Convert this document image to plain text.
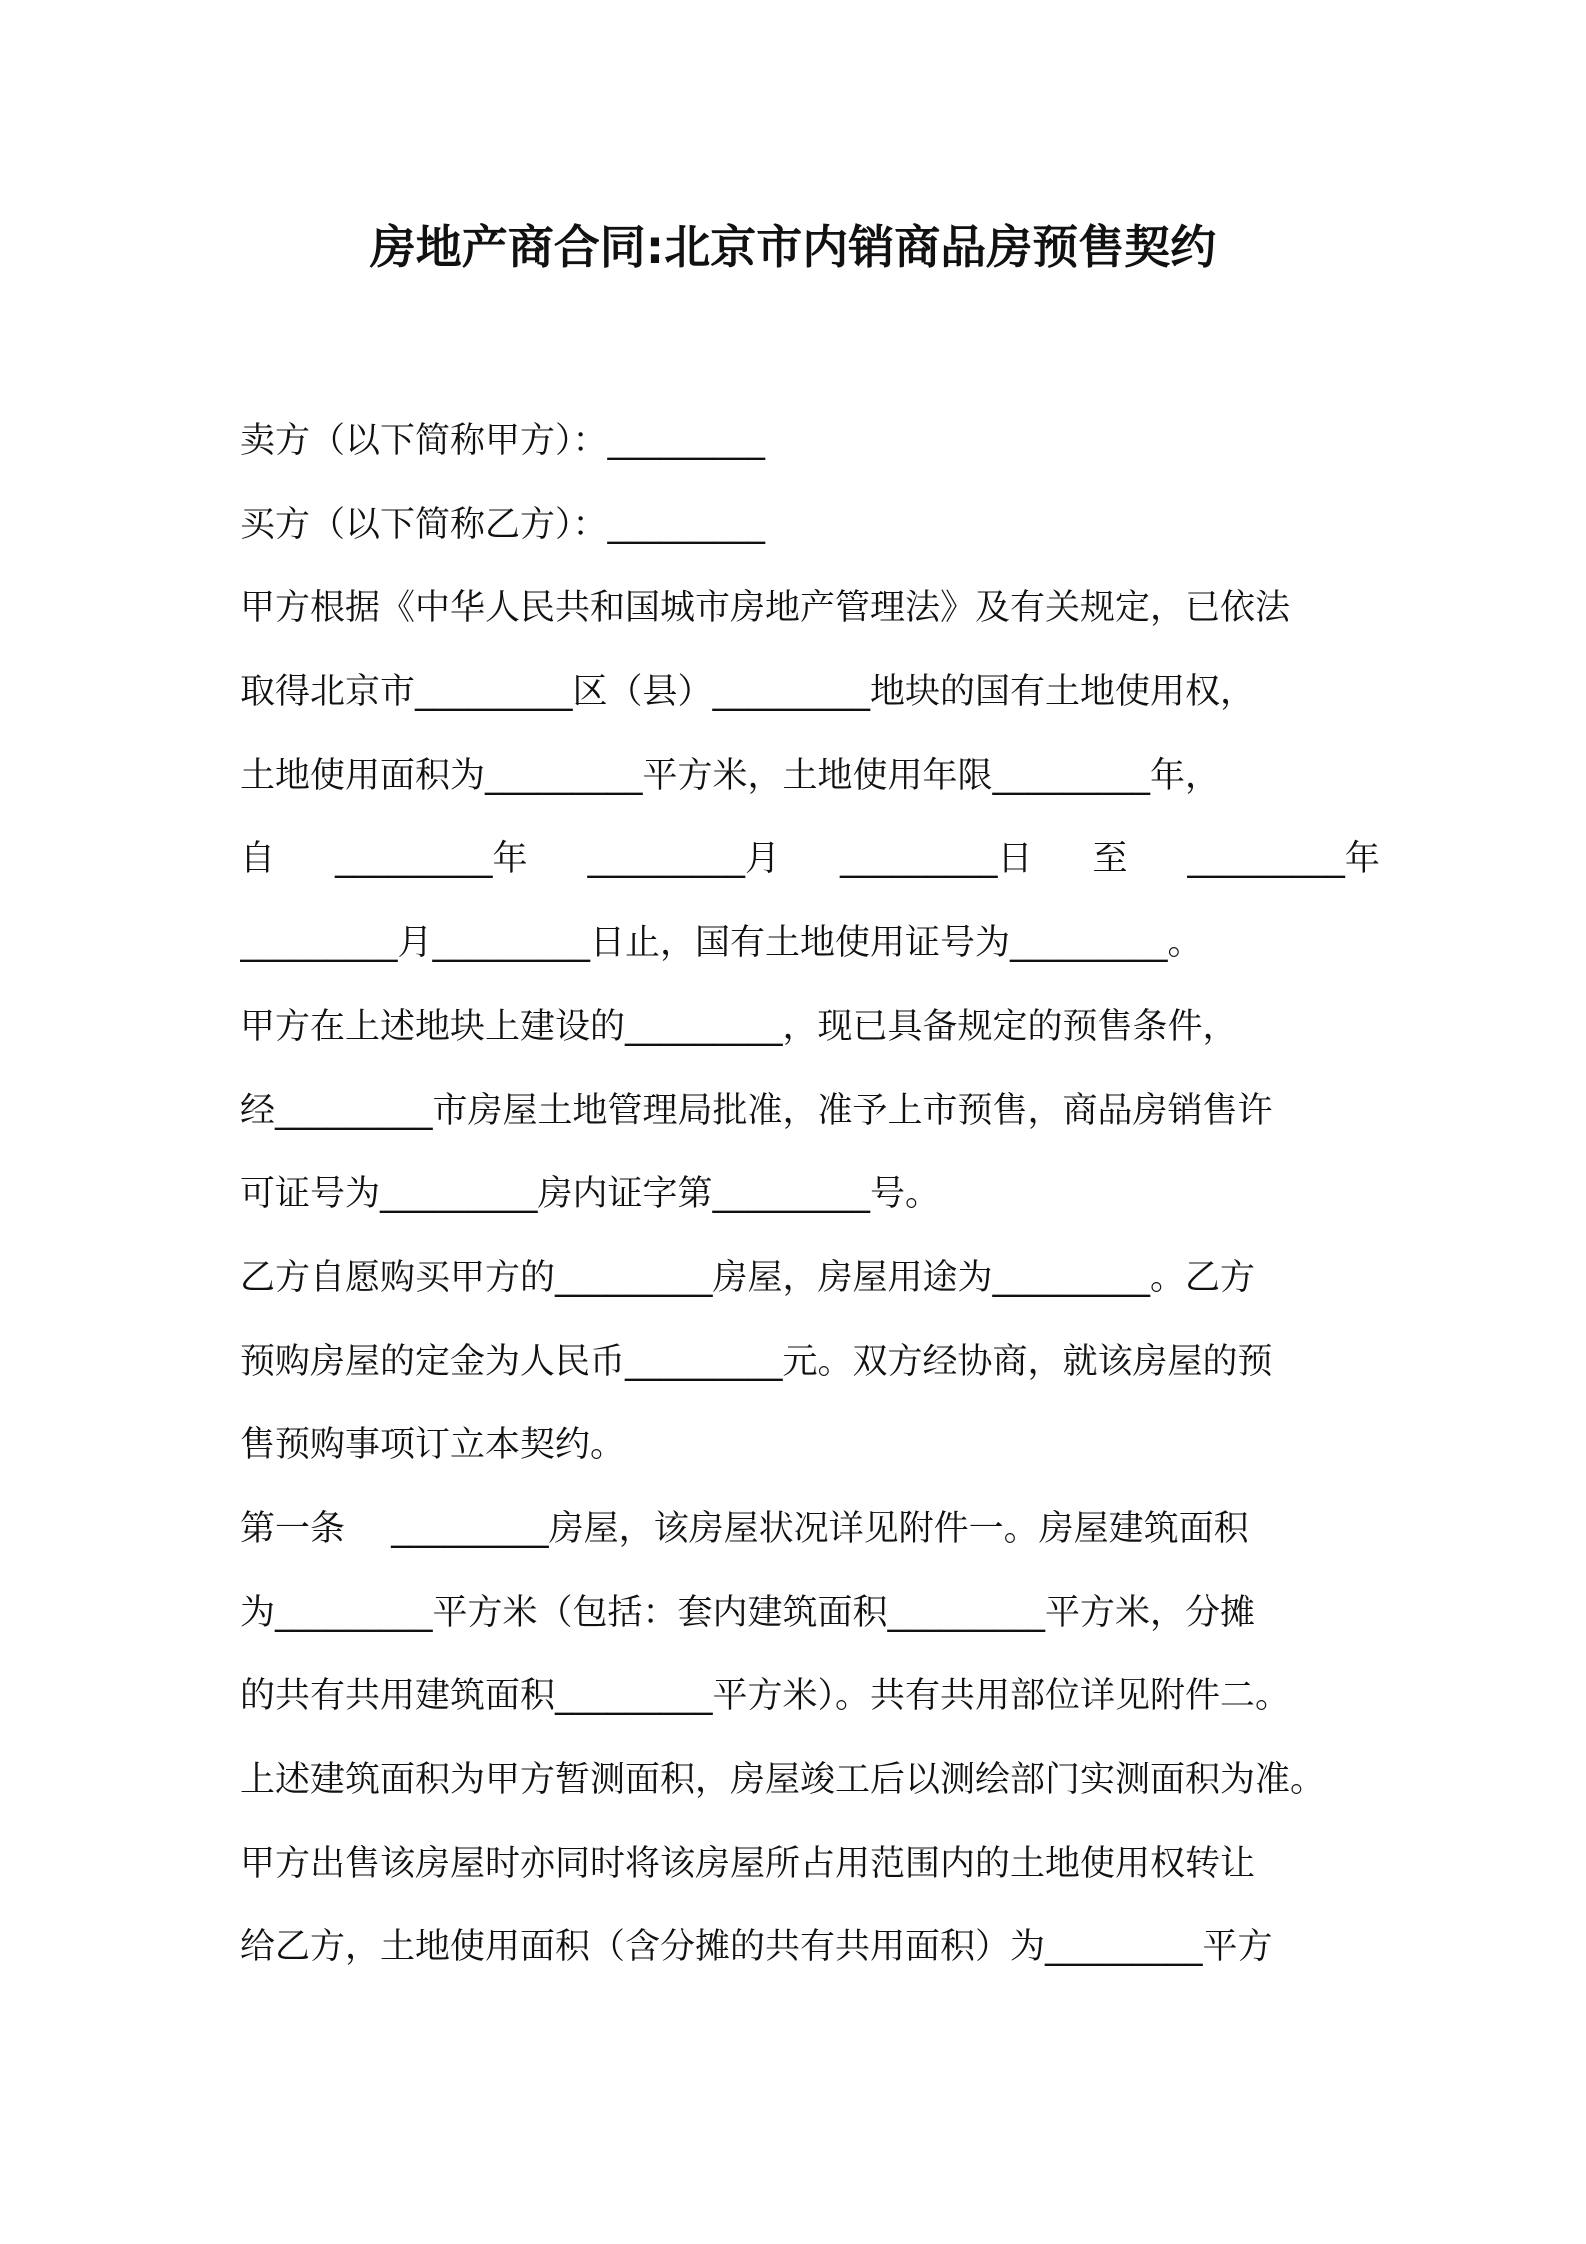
房地产商合同:北京市内销商品房预售契约
卖方（以下简称甲方）：_________
买方（以下简称乙方）：_________
甲方根据《中华人民共和国城市房地产管理法》及有关规定，已依法
取得北京市_________区（县）_________地块的国有土地使用权，
土地使用面积为_________平方米，土地使用年限_________年，
自 _________年 _________月 _________日 至 _________年
_________月_________日止，国有土地使用证号为_________。
甲方在上述地块上建设的_________，现已具备规定的预售条件，
经_________市房屋土地管理局批准，准予上市预售，商品房销售许
可证号为_________房内证字第_________号。
乙方自愿购买甲方的_________房屋，房屋用途为_________。乙方
预购房屋的定金为人民币_________元。双方经协商，就该房屋的预
售预购事项订立本契约。
第一条　 _________房屋，该房屋状况详见附件一。房屋建筑面积
为_________平方米（包括：套内建筑面积_________平方米，分摊
的共有共用建筑面积_________平方米）。共有共用部位详见附件二。
上述建筑面积为甲方暂测面积，房屋竣工后以测绘部门实测面积为准。
甲方出售该房屋时亦同时将该房屋所占用范围内的土地使用权转让
给乙方，土地使用面积（含分摊的共有共用面积）为_________平方
